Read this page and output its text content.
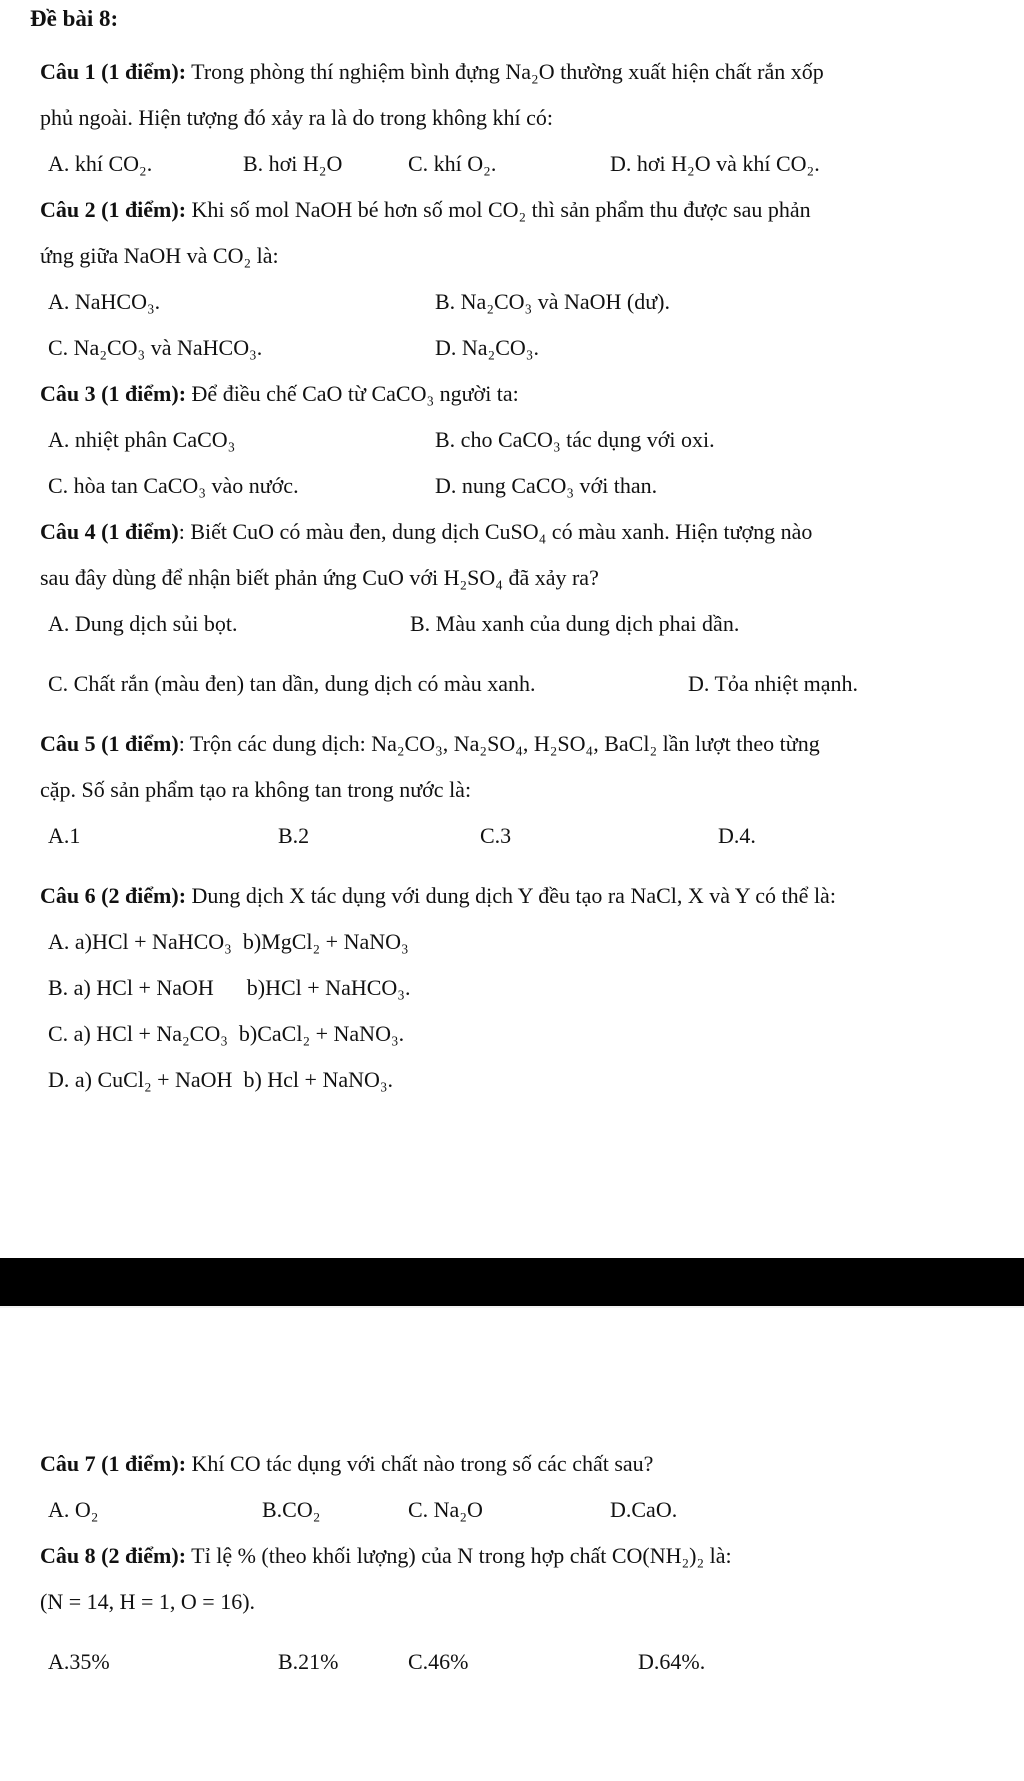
Đề bài 8:
Câu 1 (1 điểm): Trong phòng thí nghiệm bình đựng Na₂O thường xuất hiện chất rắn xốp
phủ ngoài. Hiện tượng đó xảy ra là do trong không khí có:
A. khí CO₂.	B. hơi H₂O	C. khí O₂.	D. hơi H₂O và khí CO₂.
Câu 2 (1 điểm): Khi số mol NaOH bé hơn số mol CO₂ thì sản phẩm thu được sau phản
ứng giữa NaOH và CO₂ là:
A. NaHCO₃.	B. Na₂CO₃ và NaOH (dư).
C. Na₂CO₃ và NaHCO₃.	D. Na₂CO₃.
Câu 3 (1 điểm): Để điều chế CaO từ CaCO₃ người ta:
A. nhiệt phân CaCO₃	B. cho CaCO₃ tác dụng với oxi.
C. hòa tan CaCO₃ vào nước.	D. nung CaCO₃ với than.
Câu 4 (1 điểm): Biết CuO có màu đen, dung dịch CuSO₄ có màu xanh. Hiện tượng nào
sau đây dùng để nhận biết phản ứng CuO với H₂SO₄ đã xảy ra?
A. Dung dịch sủi bọt.	B. Màu xanh của dung dịch phai dần.
C. Chất rắn (màu đen) tan dần, dung dịch có màu xanh.	D. Tỏa nhiệt mạnh.
Câu 5 (1 điểm): Trộn các dung dịch: Na₂CO₃, Na₂SO₄, H₂SO₄, BaCl₂ lần lượt theo từng
cặp. Số sản phẩm tạo ra không tan trong nước là:
A.1	B.2	C.3	D.4.
Câu 6 (2 điểm): Dung dịch X tác dụng với dung dịch Y đều tạo ra NaCl, X và Y có thể là:
A. a)HCl + NaHCO₃  b)MgCl₂ + NaNO₃
B. a) HCl + NaOH      b)HCl + NaHCO₃.
C. a) HCl + Na₂CO₃  b)CaCl₂ + NaNO₃.
D. a) CuCl₂ + NaOH  b) Hcl + NaNO₃.
Câu 7 (1 điểm): Khí CO tác dụng với chất nào trong số các chất sau?
A. O₂	B.CO₂	C. Na₂O	D.CaO.
Câu 8 (2 điểm): Tỉ lệ % (theo khối lượng) của N trong hợp chất CO(NH₂)₂ là:
(N = 14, H = 1, O = 16).
A.35%	B.21%	C.46%	D.64%.
